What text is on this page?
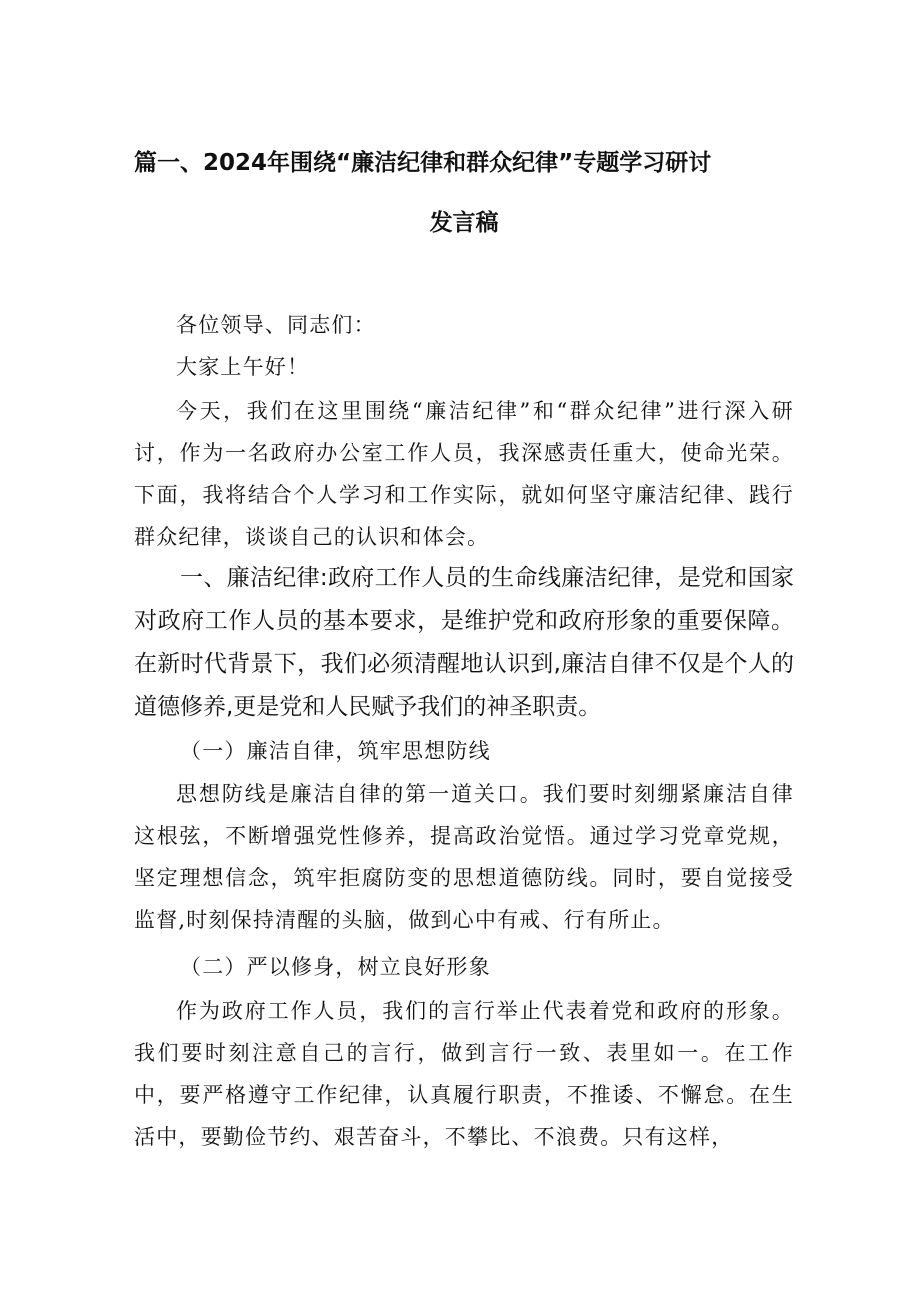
篇一、2024年围绕“廉洁纪律和群众纪律”专题学习研讨
发言稿

各位领导、同志们：

大家上午好！

今天，我们在这里围绕“廉洁纪律”和“群众纪律”进行深入研讨，作为一名政府办公室工作人员，我深感责任重大，使命光荣。下面，我将结合个人学习和工作实际，就如何坚守廉洁纪律、践行群众纪律，谈谈自己的认识和体会。

一、廉洁纪律:政府工作人员的生命线廉洁纪律，是党和国家对政府工作人员的基本要求，是维护党和政府形象的重要保障。在新时代背景下，我们必须清醒地认识到,廉洁自律不仅是个人的道德修养,更是党和人民赋予我们的神圣职责。

（一）廉洁自律，筑牢思想防线

思想防线是廉洁自律的第一道关口。我们要时刻绷紧廉洁自律这根弦，不断增强党性修养，提高政治觉悟。通过学习党章党规，坚定理想信念，筑牢拒腐防变的思想道德防线。同时，要自觉接受监督,时刻保持清醒的头脑，做到心中有戒、行有所止。

（二）严以修身，树立良好形象

作为政府工作人员，我们的言行举止代表着党和政府的形象。我们要时刻注意自己的言行，做到言行一致、表里如一。在工作中，要严格遵守工作纪律，认真履行职责，不推诿、不懈怠。在生活中，要勤俭节约、艰苦奋斗，不攀比、不浪费。只有这样，
